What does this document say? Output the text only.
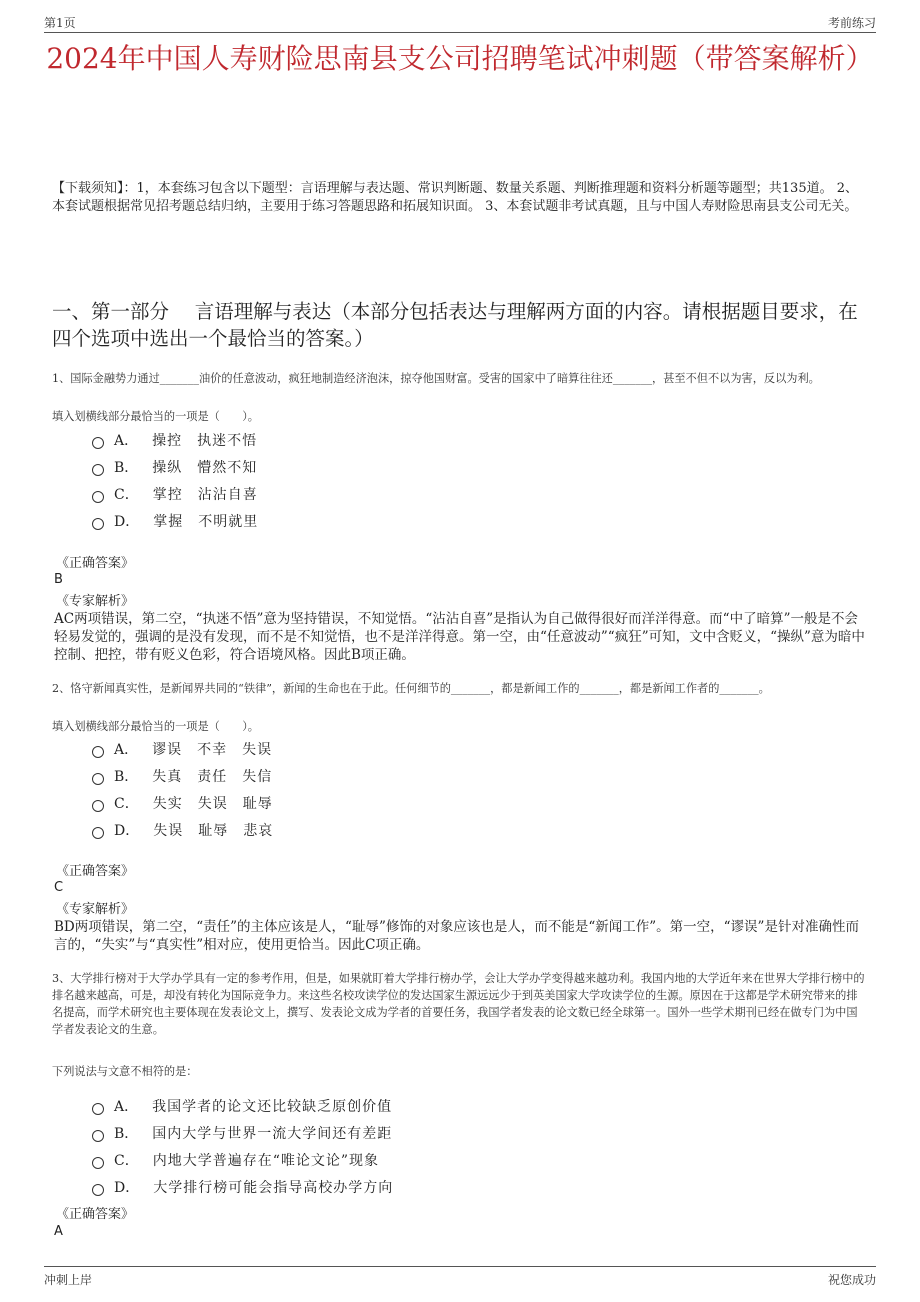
第1页	考前练习
2024年中国人寿财险思南县支公司招聘笔试冲刺题（带答案解析）
【下载须知】：1，本套练习包含以下题型：言语理解与表达题、常识判断题、数量关系题、判断推理题和资料分析题等题型；共135道。 2、本套试题根据常见招考题总结归纳，主要用于练习答题思路和拓展知识面。 3、本套试题非考试真题，且与中国人寿财险思南县支公司无关。
一、第一部分　 言语理解与表达（本部分包括表达与理解两方面的内容。请根据题目要求，在四个选项中选出一个最恰当的答案。）
1、国际金融势力通过_______油价的任意波动，疯狂地制造经济泡沫，掠夺他国财富。受害的国家中了暗算往往还_______，甚至不但不以为害，反以为利。
填入划横线部分最恰当的一项是（　　）。
A． 操控　执迷不悟
B． 操纵　懵然不知
C． 掌控　沾沾自喜
D． 掌握　不明就里
《正确答案》
B
《专家解析》
AC两项错误，第二空，“执迷不悟”意为坚持错误，不知觉悟。“沾沾自喜”是指认为自己做得很好而洋洋得意。而“中了暗算”一般是不会轻易发觉的，强调的是没有发现，而不是不知觉悟，也不是洋洋得意。第一空，由“任意波动”“疯狂”可知，文中含贬义，“操纵”意为暗中控制、把控，带有贬义色彩，符合语境风格。因此B项正确。
2、恪守新闻真实性，是新闻界共同的“铁律”，新闻的生命也在于此。任何细节的_______，都是新闻工作的_______，都是新闻工作者的_______。
填入划横线部分最恰当的一项是（　　）。
A． 谬误　不幸　失误
B． 失真　责任　失信
C． 失实　失误　耻辱
D． 失误　耻辱　悲哀
《正确答案》
C
《专家解析》
BD两项错误，第二空，“责任”的主体应该是人，“耻辱”修饰的对象应该也是人，而不能是“新闻工作”。第一空，“谬误”是针对准确性而言的，“失实”与“真实性”相对应，使用更恰当。因此C项正确。
3、大学排行榜对于大学办学具有一定的参考作用，但是，如果就盯着大学排行榜办学，会让大学办学变得越来越功利。我国内地的大学近年来在世界大学排行榜中的排名越来越高，可是，却没有转化为国际竞争力。来这些名校攻读学位的发达国家生源远远少于到英美国家大学攻读学位的生源。原因在于这都是学术研究带来的排名提高，而学术研究也主要体现在发表论文上，撰写、发表论文成为学者的首要任务，我国学者发表的论文数已经全球第一。国外一些学术期刊已经在做专门为中国学者发表论文的生意。
下列说法与文意不相符的是：
A． 我国学者的论文还比较缺乏原创价值
B． 国内大学与世界一流大学间还有差距
C． 内地大学普遍存在“唯论文论”现象
D． 大学排行榜可能会指导高校办学方向
《正确答案》
A
冲刺上岸	祝您成功
